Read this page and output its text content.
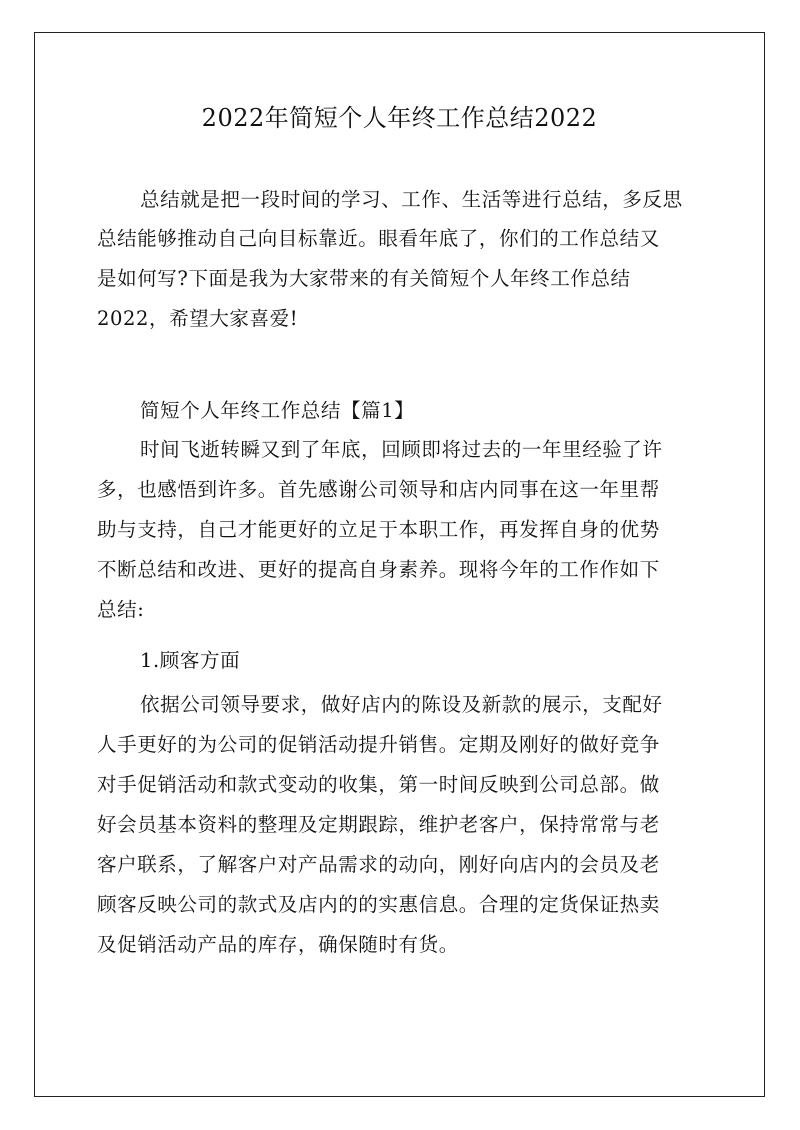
2022年简短个人年终工作总结2022
总结就是把一段时间的学习、工作、生活等进行总结，多反思
总结能够推动自己向目标靠近。眼看年底了，你们的工作总结又
是如何写?下面是我为大家带来的有关简短个人年终工作总结
2022，希望大家喜爱!
简短个人年终工作总结【篇1】
时间飞逝转瞬又到了年底，回顾即将过去的一年里经验了许
多，也感悟到许多。首先感谢公司领导和店内同事在这一年里帮
助与支持，自己才能更好的立足于本职工作，再发挥自身的优势
不断总结和改进、更好的提高自身素养。现将今年的工作作如下
总结:
1.顾客方面
依据公司领导要求，做好店内的陈设及新款的展示，支配好
人手更好的为公司的促销活动提升销售。定期及刚好的做好竞争
对手促销活动和款式变动的收集，第一时间反映到公司总部。做
好会员基本资料的整理及定期跟踪，维护老客户，保持常常与老
客户联系，了解客户对产品需求的动向，刚好向店内的会员及老
顾客反映公司的款式及店内的的实惠信息。合理的定货保证热卖
及促销活动产品的库存，确保随时有货。
